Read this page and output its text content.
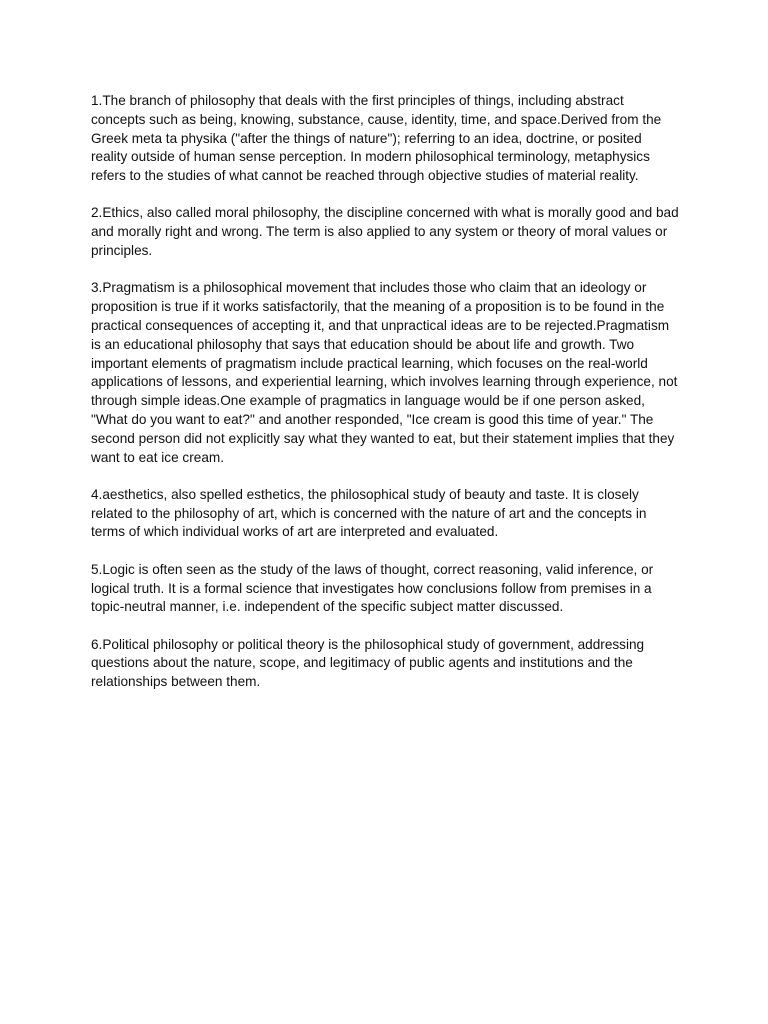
1.The branch of philosophy that deals with the first principles of things, including abstract concepts such as being, knowing, substance, cause, identity, time, and space.Derived from the Greek meta ta physika ("after the things of nature"); referring to an idea, doctrine, or posited reality outside of human sense perception. In modern philosophical terminology, metaphysics refers to the studies of what cannot be reached through objective studies of material reality.

2.Ethics, also called moral philosophy, the discipline concerned with what is morally good and bad and morally right and wrong. The term is also applied to any system or theory of moral values or principles.

3.Pragmatism is a philosophical movement that includes those who claim that an ideology or proposition is true if it works satisfactorily, that the meaning of a proposition is to be found in the practical consequences of accepting it, and that unpractical ideas are to be rejected.Pragmatism is an educational philosophy that says that education should be about life and growth. Two important elements of pragmatism include practical learning, which focuses on the real-world applications of lessons, and experiential learning, which involves learning through experience, not through simple ideas.One example of pragmatics in language would be if one person asked, "What do you want to eat?" and another responded, "Ice cream is good this time of year." The second person did not explicitly say what they wanted to eat, but their statement implies that they want to eat ice cream.

4.aesthetics, also spelled esthetics, the philosophical study of beauty and taste. It is closely related to the philosophy of art, which is concerned with the nature of art and the concepts in terms of which individual works of art are interpreted and evaluated.

5.Logic is often seen as the study of the laws of thought, correct reasoning, valid inference, or logical truth. It is a formal science that investigates how conclusions follow from premises in a topic-neutral manner, i.e. independent of the specific subject matter discussed.

6.Political philosophy or political theory is the philosophical study of government, addressing questions about the nature, scope, and legitimacy of public agents and institutions and the relationships between them.
